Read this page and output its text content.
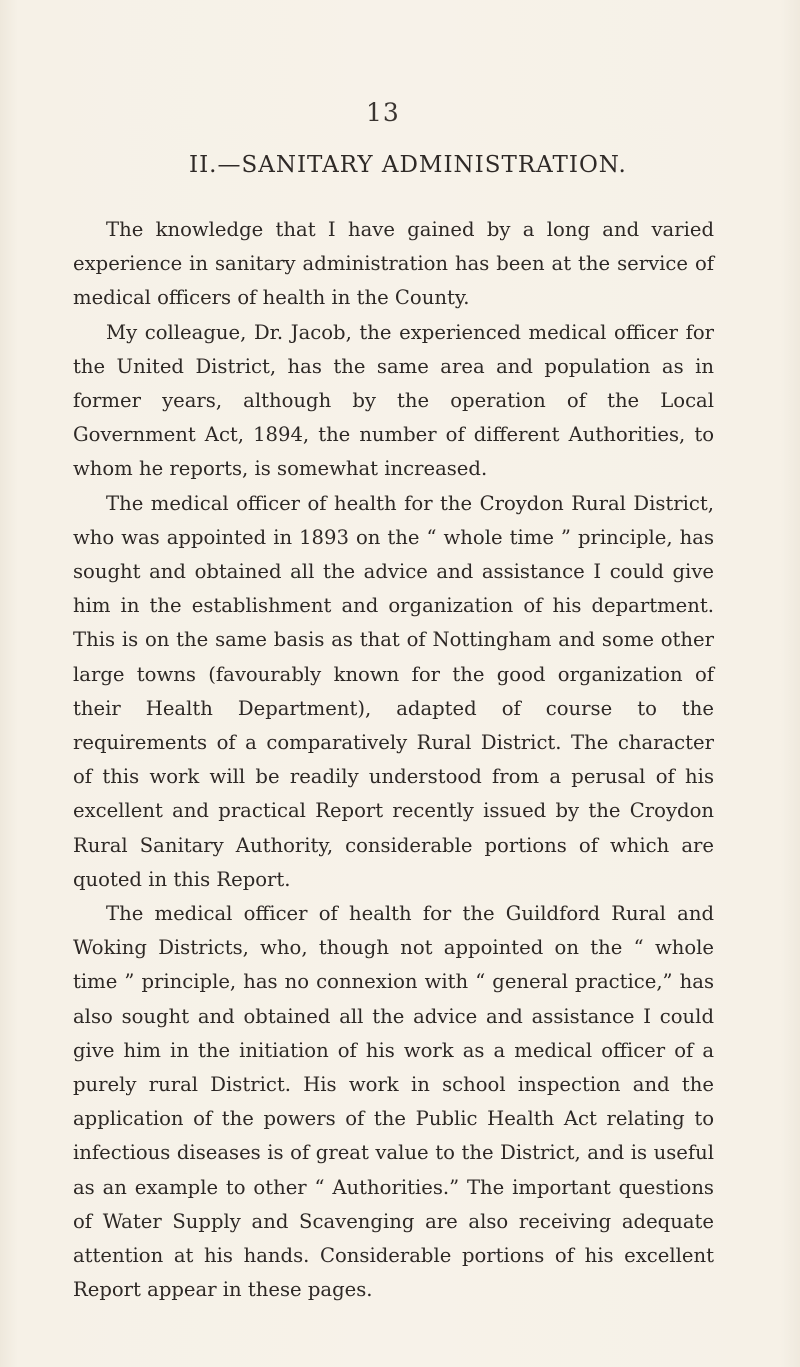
13
II.—SANITARY ADMINISTRATION.

The knowledge that I have gained by a long and varied experience in sanitary administration has been at the service of medical officers of health in the County.

My colleague, Dr. Jacob, the experienced medical officer for the United District, has the same area and population as in former years, although by the operation of the Local Government Act, 1894, the number of different Authorities, to whom he reports, is somewhat increased.

The medical officer of health for the Croydon Rural District, who was appointed in 1893 on the “ whole time ” principle, has sought and obtained all the advice and assistance I could give him in the establishment and organization of his department. This is on the same basis as that of Nottingham and some other large towns (favourably known for the good organization of their Health Department), adapted of course to the requirements of a comparatively Rural District. The character of this work will be readily understood from a perusal of his excellent and practical Report recently issued by the Croydon Rural Sanitary Authority, considerable portions of which are quoted in this Report.

The medical officer of health for the Guildford Rural and Woking Districts, who, though not appointed on the “ whole time ” principle, has no connexion with “ general practice,” has also sought and obtained all the advice and assistance I could give him in the initiation of his work as a medical officer of a purely rural District. His work in school inspection and the application of the powers of the Public Health Act relating to infectious diseases is of great value to the District, and is useful as an example to other “ Authorities.” The important questions of Water Supply and Scavenging are also receiving adequate attention at his hands. Considerable portions of his excellent Report appear in these pages.
